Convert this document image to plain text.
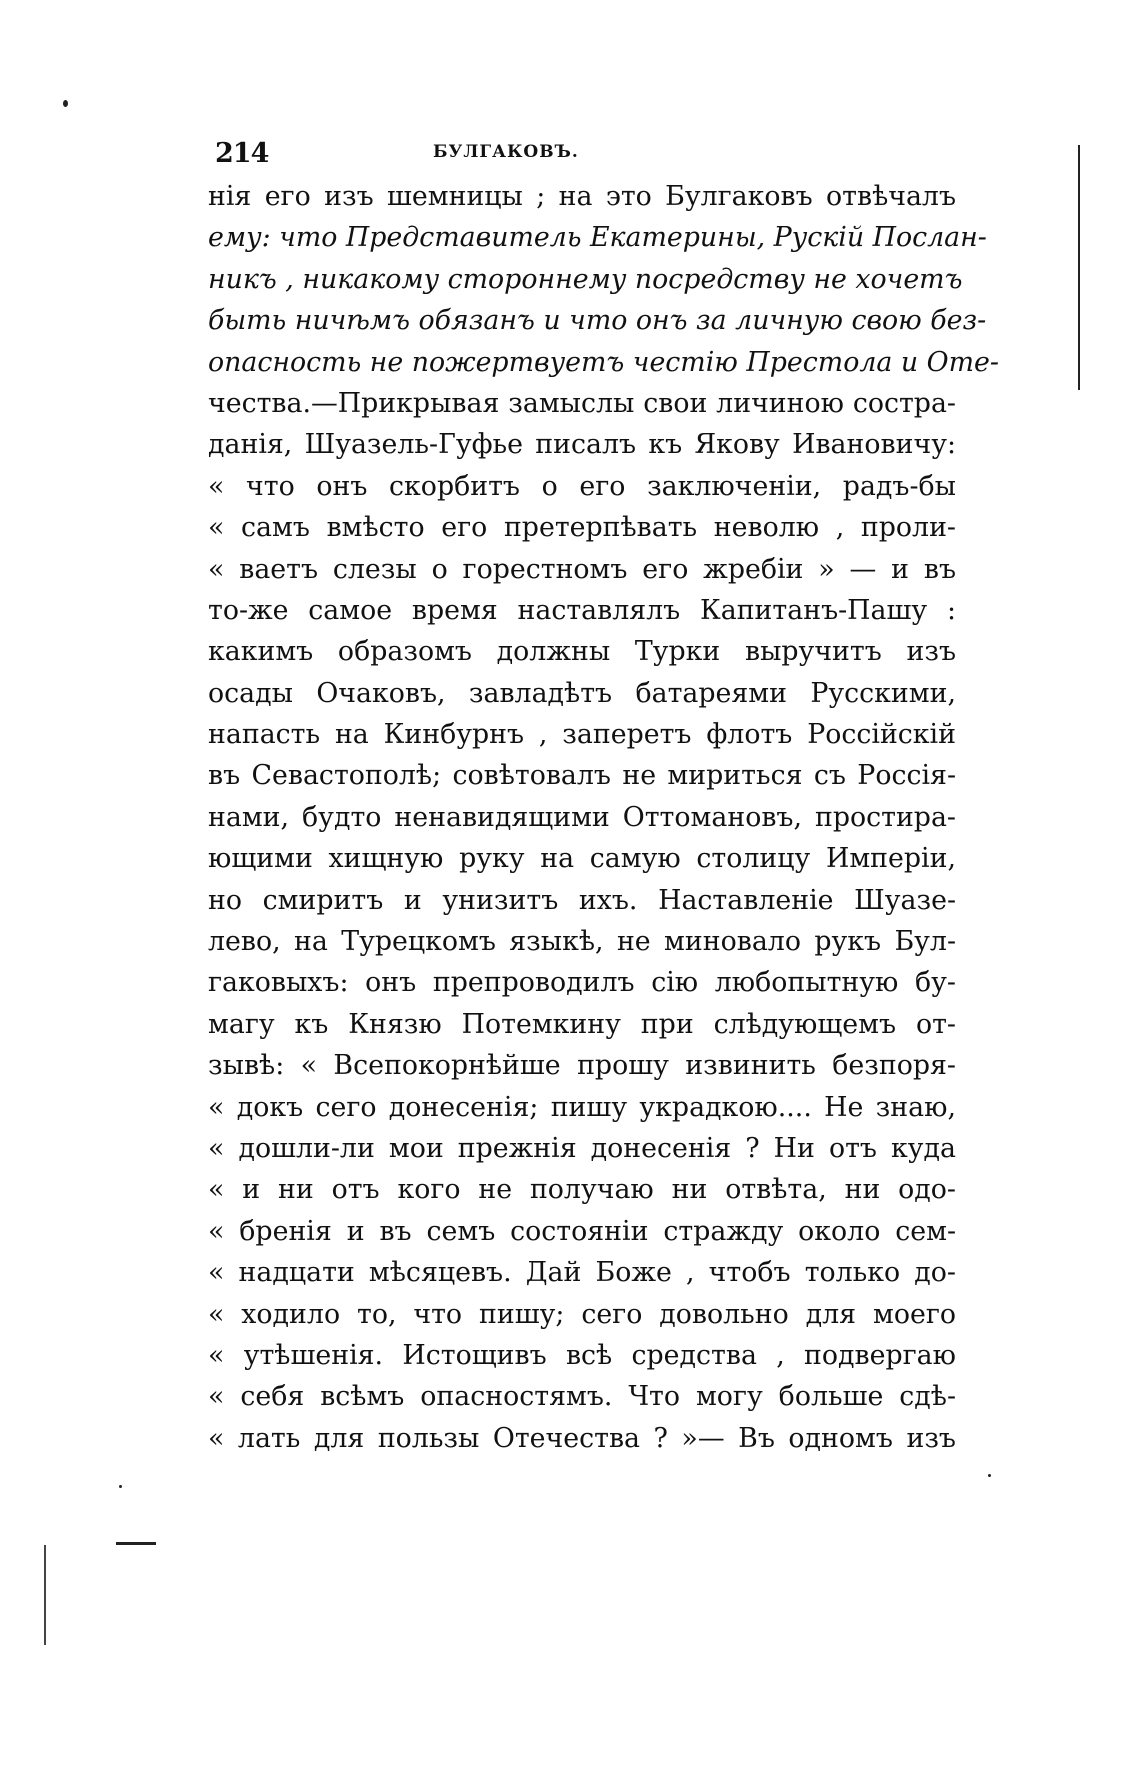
214	БУЛГАКОВЪ.
нія его изъ шемницы ; на это Булгаковъ отвѣчалъ
ему: что Представитель Екатерины, Рускій Послан-
никъ , никакому стороннему посредству не хочетъ
быть ничѣмъ обязанъ и что онъ за личную свою без-
опасность не пожертвуетъ честію Престола и Оте-
чества.—Прикрывая замыслы свои личиною сострa-
данія, Шуазель-Гуфье писалъ къ Якову Ивановичу:
« что онъ скорбитъ о его заключеніи, радъ-бы
« самъ вмѣсто его претерпѣвать неволю , проли-
« ваетъ слезы о горестномъ его жребіи » — и въ
то-же самое время наставлялъ Капитанъ-Пашу :
какимъ образомъ должны Турки выручитъ изъ
осады Очаковъ, завладѣтъ батареями Русскими,
напасть на Кинбурнъ , заперетъ флотъ Россійскій
въ Севастополѣ; совѣтовалъ не мириться съ Россія-
нами, будто ненавидящими Оттомановъ, простира-
ющими хищную руку на самую столицу Имперіи,
но смиритъ и унизитъ ихъ. Наставленіе Шуазе-
лево, на Турецкомъ языкѣ, не миновало рукъ Бул-
гаковыхъ: онъ препроводилъ сію любопытную бу-
магу къ Князю Потемкину при слѣдующемъ от-
зывѣ: « Всепокорнѣйше прошу извинить безпоря-
« докъ сего донесенія; пишу украдкою.... Не знаю,
« дошли-ли мои прежнія донесенія ? Ни отъ куда
« и ни отъ кого не получаю ни отвѣта, ни одо-
« бренія и въ семъ состояніи стражду около сем-
« надцати мѣсяцевъ. Дай Боже , чтобъ только до-
« ходило то, что пишу; сего довольно для моего
« утѣшенія. Истощивъ всѣ средства , подвергаю
« себя всѣмъ опасностямъ. Что могу больше сдѣ-
« лать для пользы Отечества ? »— Въ одномъ изъ
